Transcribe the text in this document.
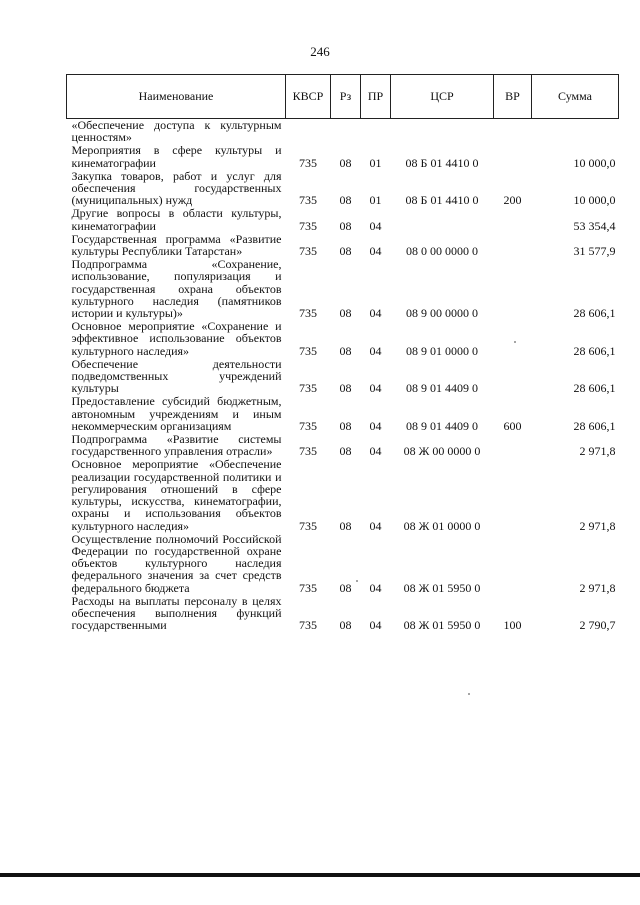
246
Наименование	КВСР	Рз	ПР	ЦСР	ВР	Сумма
«Обеспечение доступа к культурным ценностям»						
Мероприятия в сфере культуры и кинематографии	735	08	01	08 Б 01 4410 0		10 000,0
Закупка товаров, работ и услуг для обеспечения государственных (муниципальных) нужд	735	08	01	08 Б 01 4410 0	200	10 000,0
Другие вопросы в области культуры, кинематографии	735	08	04			53 354,4
Государственная программа «Развитие культуры Республики Татарстан»	735	08	04	08 0 00 0000 0		31 577,9
Подпрограмма «Сохранение, использование, популяризация и государственная охрана объектов культурного наследия (памятников истории и культуры)»	735	08	04	08 9 00 0000 0		28 606,1
Основное мероприятие «Сохранение и эффективное использование объектов культурного наследия»	735	08	04	08 9 01 0000 0		28 606,1
Обеспечение деятельности подведомственных учреждений культуры	735	08	04	08 9 01 4409 0		28 606,1
Предоставление субсидий бюджетным, автономным учреждениям и иным некоммерческим организациям	735	08	04	08 9 01 4409 0	600	28 606,1
Подпрограмма «Развитие системы государственного управления отрасли»	735	08	04	08 Ж 00 0000 0		2 971,8
Основное мероприятие «Обеспечение реализации государственной политики и регулирования отношений в сфере культуры, искусства, кинематографии, охраны и использования объектов культурного наследия»	735	08	04	08 Ж 01 0000 0		2 971,8
Осуществление полномочий Российской Федерации по государственной охране объектов культурного наследия федерального значения за счет средств федерального бюджета	735	08	04	08 Ж 01 5950 0		2 971,8
Расходы на выплаты персоналу в целях обеспечения выполнения функций государственными	735	08	04	08 Ж 01 5950 0	100	2 790,7
